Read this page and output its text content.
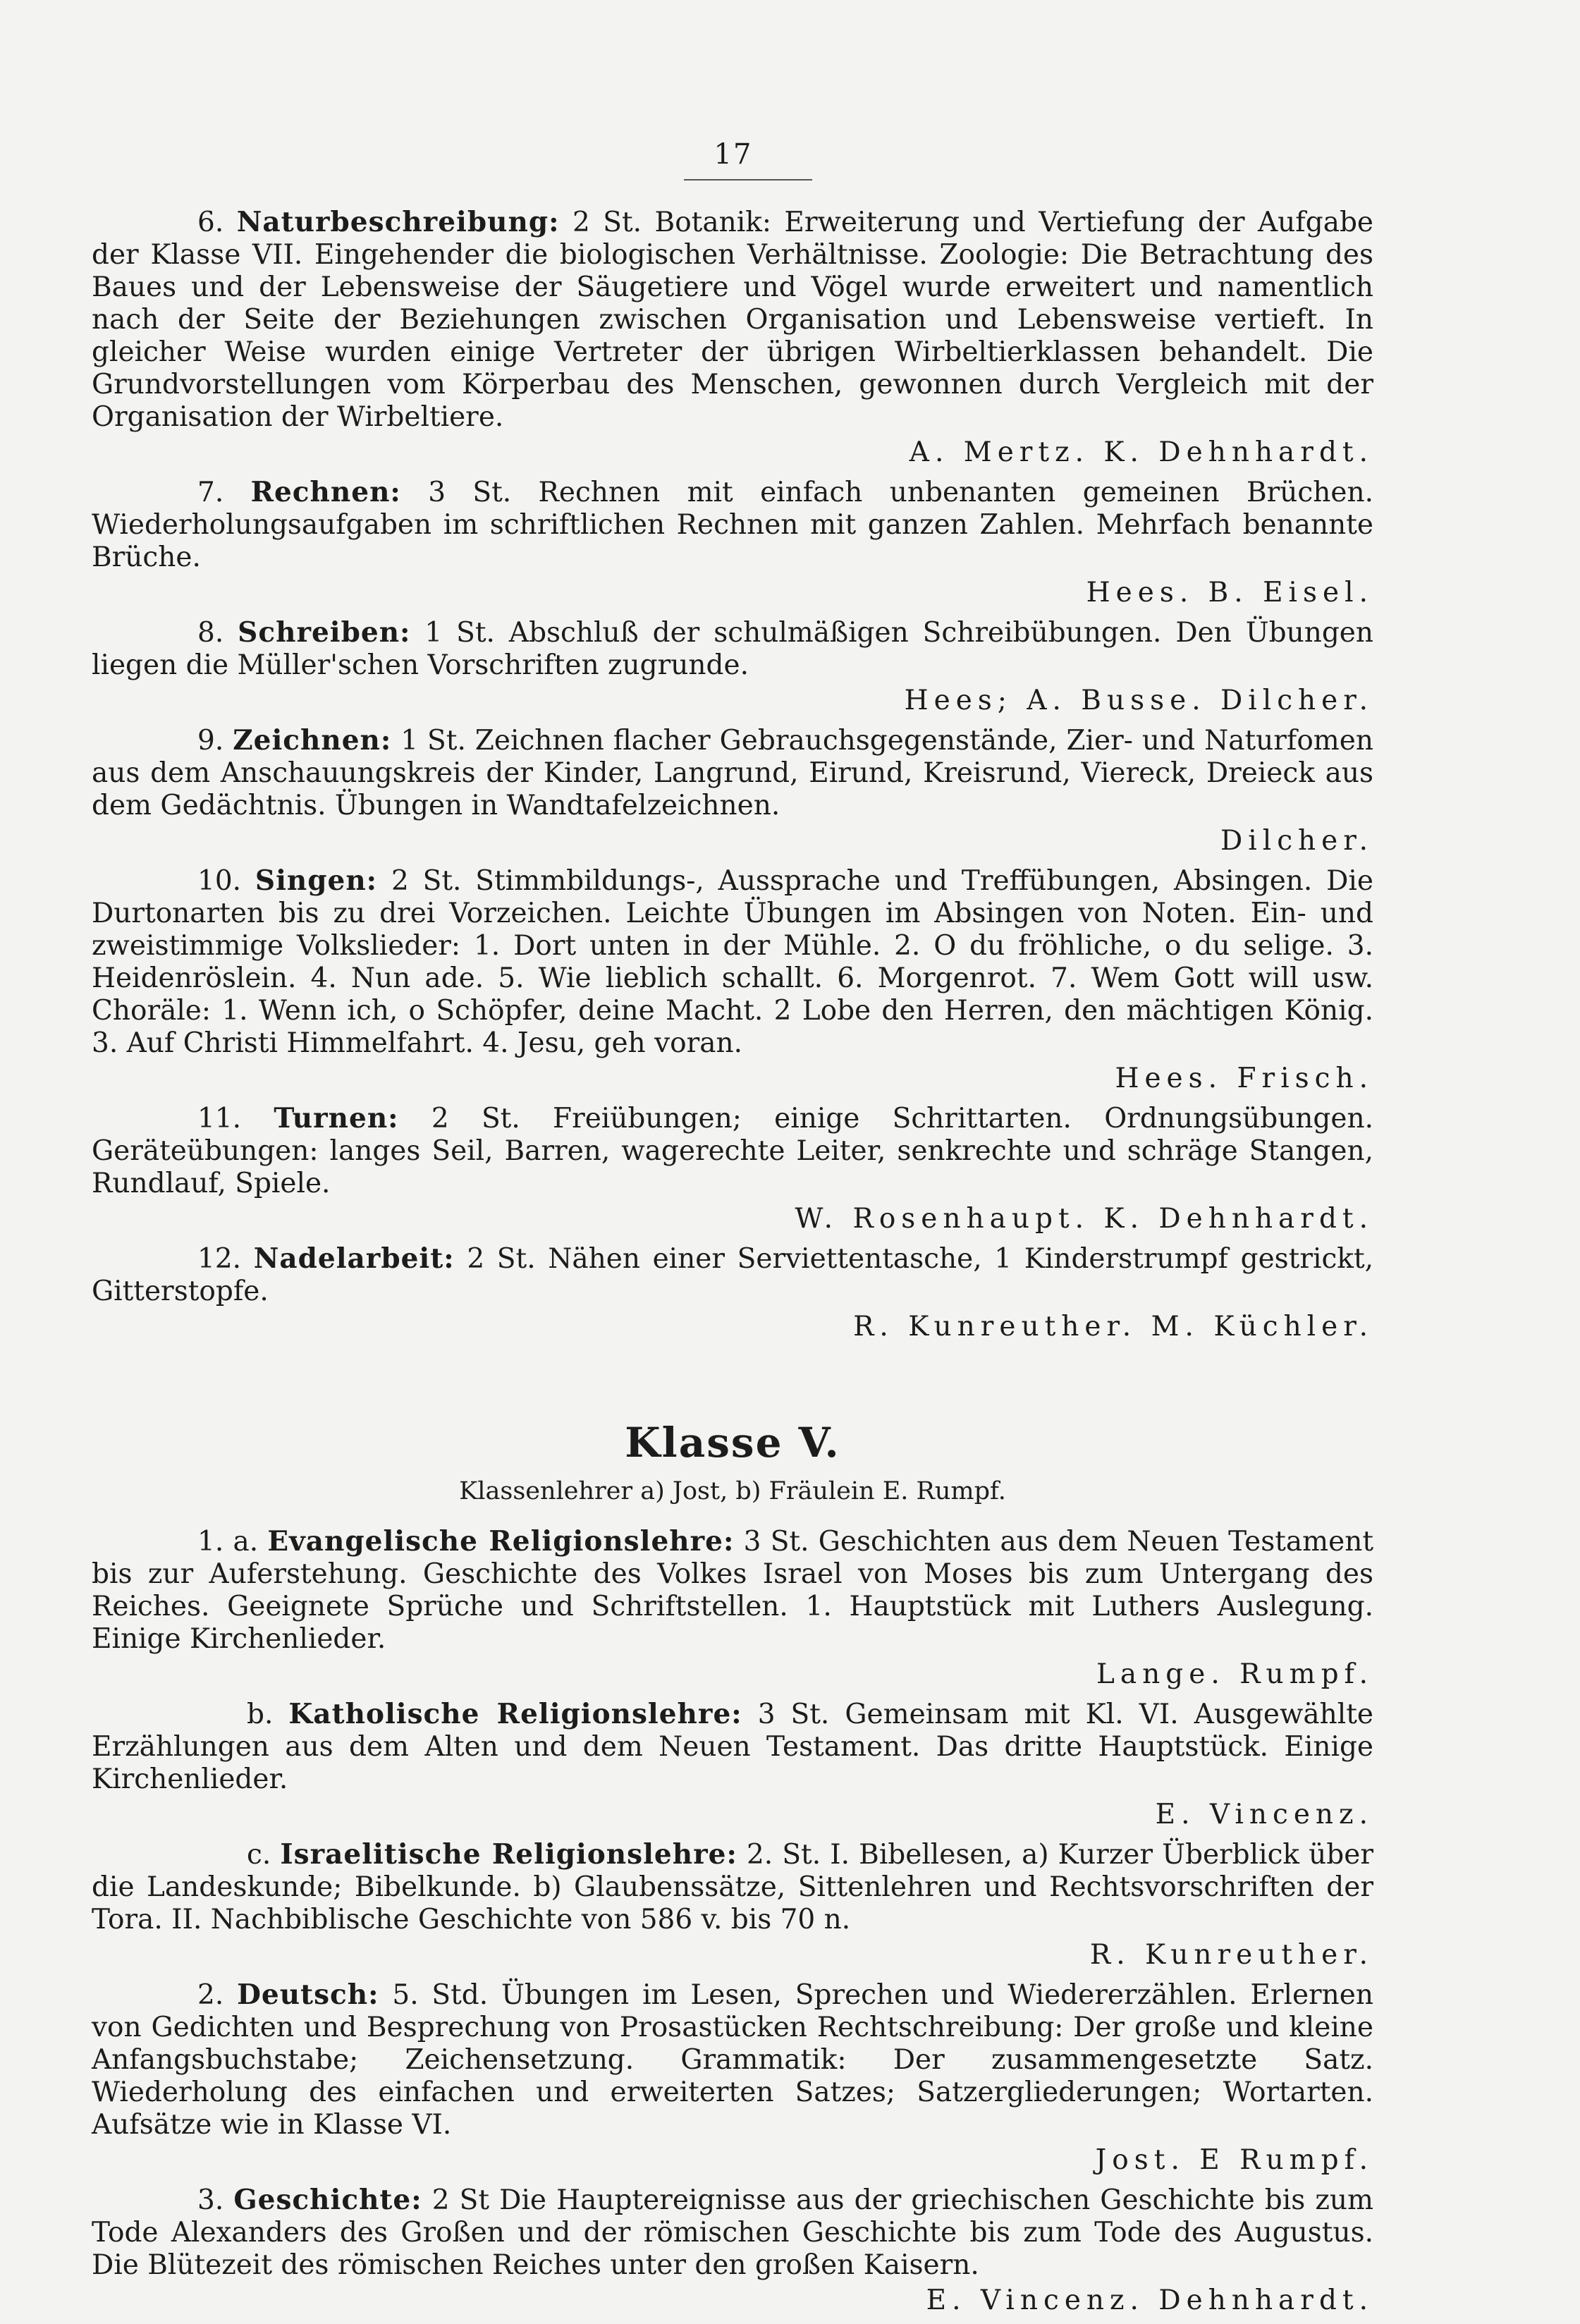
17

6. Naturbeschreibung: 2 St. Botanik: Erweiterung und Vertiefung der Aufgabe der Klasse VII. Eingehender die biologischen Verhältnisse. Zoologie: Die Betrachtung des Baues und der Lebensweise der Säugetiere und Vögel wurde erweitert und namentlich nach der Seite der Beziehungen zwischen Organisation und Lebensweise vertieft. In gleicher Weise wurden einige Vertreter der übrigen Wirbeltierklassen behandelt. Die Grundvorstellungen vom Körperbau des Menschen, gewonnen durch Vergleich mit der Organisation der Wirbeltiere.

A. Mertz. K. Dehnhardt.

7. Rechnen: 3 St. Rechnen mit einfach unbenanten gemeinen Brüchen. Wiederholungsaufgaben im schriftlichen Rechnen mit ganzen Zahlen. Mehrfach benannte Brüche.

Hees. B. Eisel.

8. Schreiben: 1 St. Abschluß der schulmäßigen Schreibübungen. Den Übungen liegen die Müller'schen Vorschriften zugrunde.

Hees; A. Busse. Dilcher.

9. Zeichnen: 1 St. Zeichnen flacher Gebrauchsgegenstände, Zier- und Naturfomen aus dem Anschauungskreis der Kinder, Langrund, Eirund, Kreisrund, Viereck, Dreieck aus dem Gedächtnis. Übungen in Wandtafelzeichnen.

Dilcher.

10. Singen: 2 St. Stimmbildungs-, Aussprache und Treffübungen, Absingen. Die Durtonarten bis zu drei Vorzeichen. Leichte Übungen im Absingen von Noten. Ein- und zweistimmige Volkslieder: 1. Dort unten in der Mühle. 2. O du fröhliche, o du selige. 3. Heidenröslein. 4. Nun ade. 5. Wie lieblich schallt. 6. Morgenrot. 7. Wem Gott will usw. Choräle: 1. Wenn ich, o Schöpfer, deine Macht. 2 Lobe den Herren, den mächtigen König. 3. Auf Christi Himmelfahrt. 4. Jesu, geh voran.

Hees. Frisch.

11. Turnen: 2 St. Freiübungen; einige Schrittarten. Ordnungsübungen. Geräteübungen: langes Seil, Barren, wagerechte Leiter, senkrechte und schräge Stangen, Rundlauf, Spiele.

W. Rosenhaupt. K. Dehnhardt.

12. Nadelarbeit: 2 St. Nähen einer Serviettentasche, 1 Kinderstrumpf gestrickt, Gitterstopfe.

R. Kunreuther. M. Küchler.
Klasse V.
Klassenlehrer a) Jost, b) Fräulein E. Rumpf.

1. a. Evangelische Religionslehre: 3 St. Geschichten aus dem Neuen Testament bis zur Auferstehung. Geschichte des Volkes Israel von Moses bis zum Untergang des Reiches. Geeignete Sprüche und Schriftstellen. 1. Hauptstück mit Luthers Auslegung. Einige Kirchenlieder.

Lange. Rumpf.

b. Katholische Religionslehre: 3 St. Gemeinsam mit Kl. VI. Ausgewählte Erzählungen aus dem Alten und dem Neuen Testament. Das dritte Hauptstück. Einige Kirchenlieder.

E. Vincenz.

c. Israelitische Religionslehre: 2. St. I. Bibellesen, a) Kurzer Überblick über die Landeskunde; Bibelkunde. b) Glaubenssätze, Sittenlehren und Rechtsvorschriften der Tora. II. Nachbiblische Geschichte von 586 v. bis 70 n.

R. Kunreuther.

2. Deutsch: 5. Std. Übungen im Lesen, Sprechen und Wiedererzählen. Erlernen von Gedichten und Besprechung von Prosastücken Rechtschreibung: Der große und kleine Anfangsbuchstabe; Zeichensetzung. Grammatik: Der zusammengesetzte Satz. Wiederholung des einfachen und erweiterten Satzes; Satzergliederungen; Wortarten. Aufsätze wie in Klasse VI.

Jost. E Rumpf.

3. Geschichte: 2 St Die Hauptereignisse aus der griechischen Geschichte bis zum Tode Alexanders des Großen und der römischen Geschichte bis zum Tode des Augustus. Die Blütezeit des römischen Reiches unter den großen Kaisern.

E. Vincenz. Dehnhardt.
